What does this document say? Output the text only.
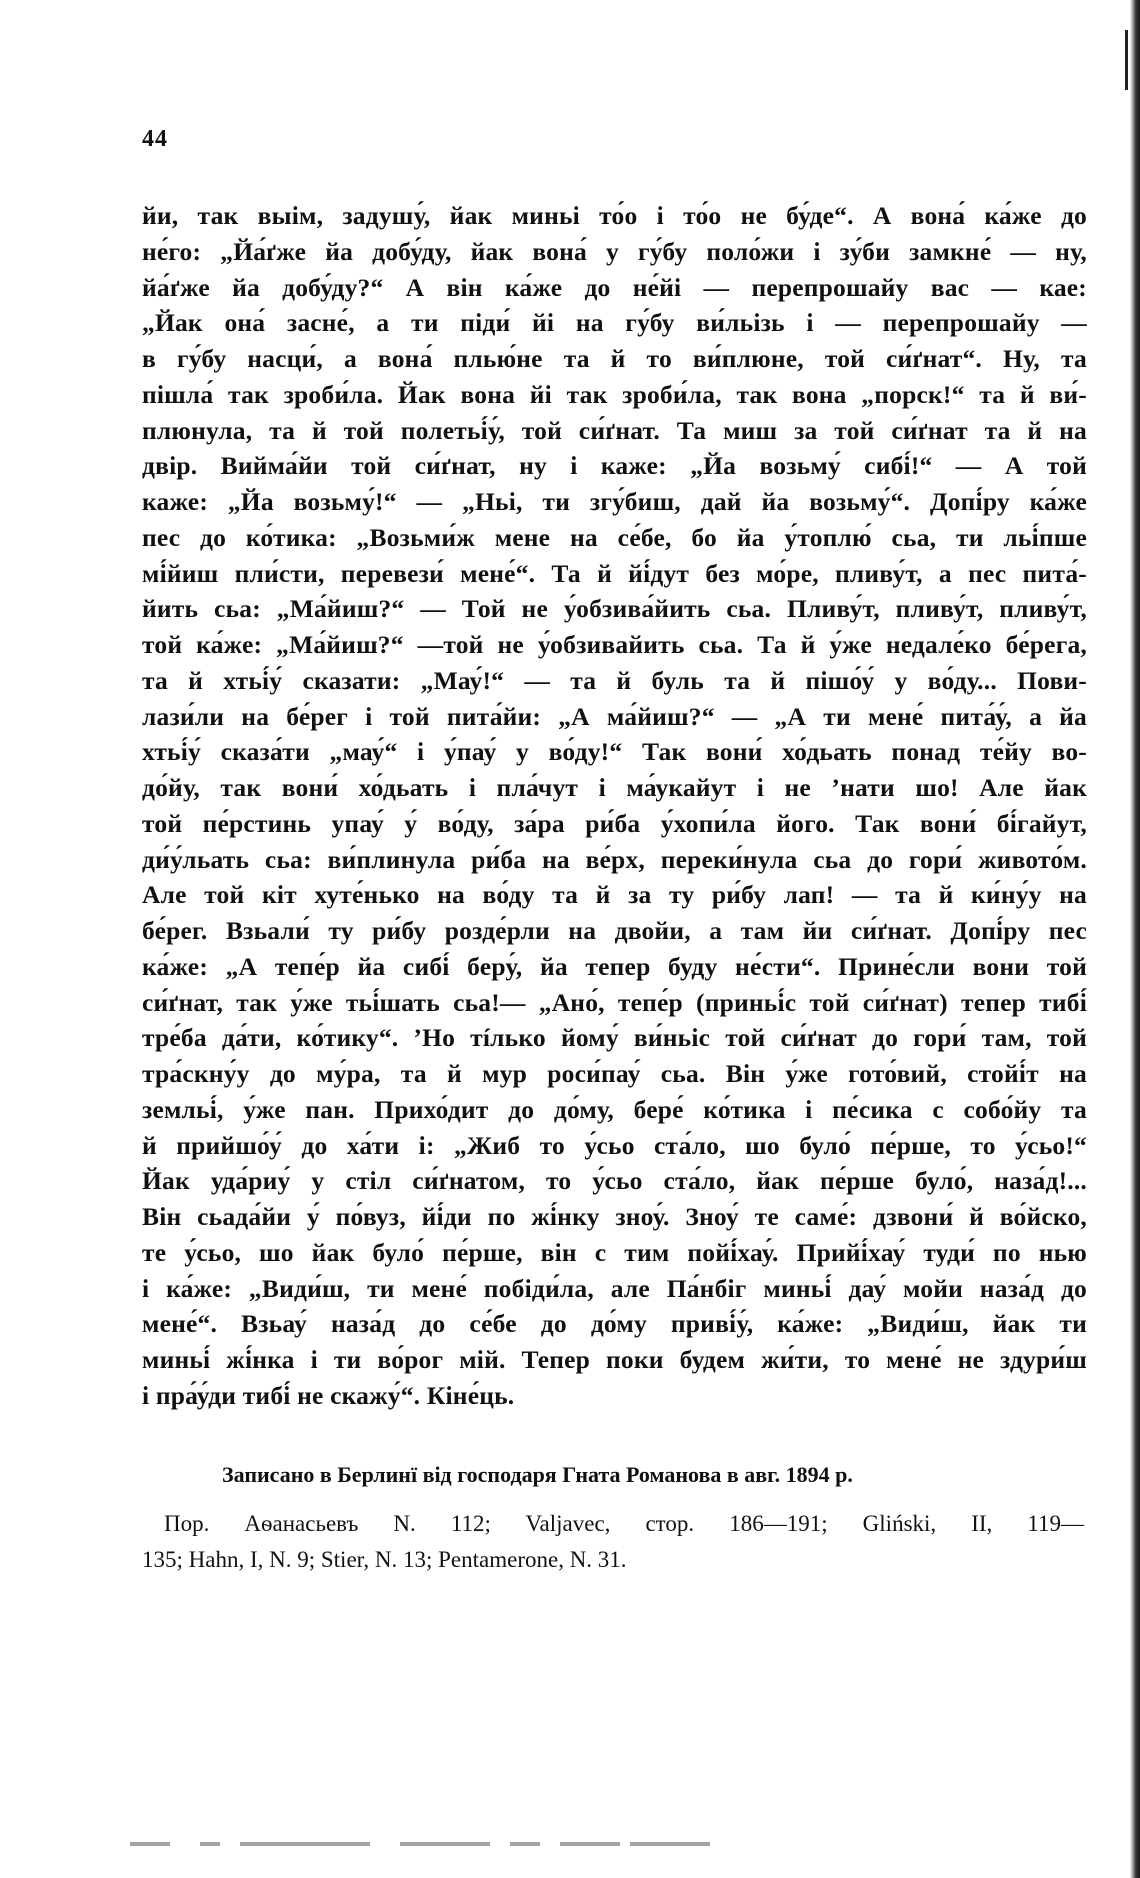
44
йи, так выім, задушу́, йак миньі то́о і то́о не бу́де“. А вона́ ка́же до
не́го: „Йа́ґже йа добу́ду, йак вона́ у гу́бу поло́жи і зу́би замкне́ — ну,
йа́ґже йа добу́ду?“ А він ка́же до не́йі — перепрошайу вас — кае:
„Йак она́ засне́, а ти піди́ йі на гу́бу ви́льізь і — перепрошайу —
в гу́бу насци́, а вона́ плью́не та й то ви́плюне, той си́ґнат“. Ну, та
пішла́ так зроби́ла. Йак вона йі так зроби́ла, так вона „порск!“ та й ви́-
плюнула, та й той полетьі́у́, той си́ґнат. Та миш за той си́ґнат та й на
двір. Вийма́йи той си́ґнат, ну і каже: „Йа возьму́ сибі́!“ — А той
каже: „Йа возьму́!“ — „Ньі, ти згу́биш, дай йа возьму́“. Допі́ру ка́же
пес до ко́тика: „Возьми́ж мене на се́бе, бо йа у́топлю́ сьа, ти льі́пше
мі́йиш пли́сти, перевези́ мене́“. Та й йі́дут без мо́ре, пливу́т, а пес пита́-
йить сьа: „Ма́йиш?“ — Той не у́обзива́йить сьа. Пливу́т, пливу́т, пливу́т,
той ка́же: „Ма́йиш?“ —той не у́обзивайить сьа. Та й у́же недале́ко бе́рега,
та й хтьі́у́ сказати: „Мау́!“ — та й буль та й пішо́у́ у во́ду... Пови-
лази́ли на бе́рег і той пита́йи: „А ма́йиш?“ — „А ти мене́ пита́у́, а йа
хтьі́у́ сказа́ти „мау́“ і у́пау́ у во́ду!“ Так вони́ хо́дьать понад те́йу во-
до́йу, так вони́ хо́дьать і пла́чут і ма́укайут і не ’нати шо! Але йак
той пе́рстинь упау́ у́ во́ду, за́ра ри́ба у́хопи́ла його. Так вони́ бі́гайут,
ди́у́льать сьа: ви́плинула ри́ба на ве́рх, переки́нула сьа до гори́ живото́м.
Але той кіт хуте́нько на во́ду та й за ту ри́бу лап! — та й ки́ну́у на
бе́рег. Взьали́ ту ри́бу розде́рли на двойи, а там йи си́ґнат. Допі́ру пес
ка́же: „А тепе́р йа сибі́ беру́, йа тепер буду не́сти“. Прине́сли вони той
си́ґнат, так у́же тьі́шать сьа!— „Ано́, тепе́р (приньі́с той си́ґнат) тепер тибі́
тре́ба да́ти, ко́тику“. ’Но тíлько йому́ ви́ньіс той си́ґнат до гори́ там, той
тра́скну́у до му́ра, та й мур роси́пау́ сьа. Він у́же гото́вий, стойі́т на
земльі́, у́же пан. Прихо́дит до до́му, бере́ ко́тика і пе́сика с собо́йу та
й прийшо́у́ до ха́ти і: „Жиб то у́сьо ста́ло, шо було́ пе́рше, то у́сьо!“
Йак уда́риу́ у стіл си́ґнатом, то у́сьо ста́ло, йак пе́рше було́, наза́д!...
Він сьада́йи у́ по́вуз, йі́ди по жі́нку зноу́. Зноу́ те саме́: дзвони́ й во́йско,
те у́сьо, шо йак було́ пе́рше, він с тим пойі́хау́. Прийі́хау́ туди́ по нью
і ка́же: „Види́ш, ти мене́ побіди́ла, але Па́нбіг миньі́ дау́ мойи наза́д до
мене́“. Взьау́ наза́д до се́бе до до́му приві́у́, ка́же: „Види́ш, йак ти
миньі́ жі́нка і ти во́рог мій. Тепер поки будем жи́ти, то мене́ не здури́ш
і пра́у́ди тибі́ не скажу́“. Кіне́ць.
Записано в Берлинї від господаря Гната Романова в авг. 1894 р.
Пор. Аѳанасьевъ N. 112; Valjavec, стор. 186—191; Gliński, II, 119—
135; Hahn, I, N. 9; Stier, N. 13; Pentamerone, N. 31.
